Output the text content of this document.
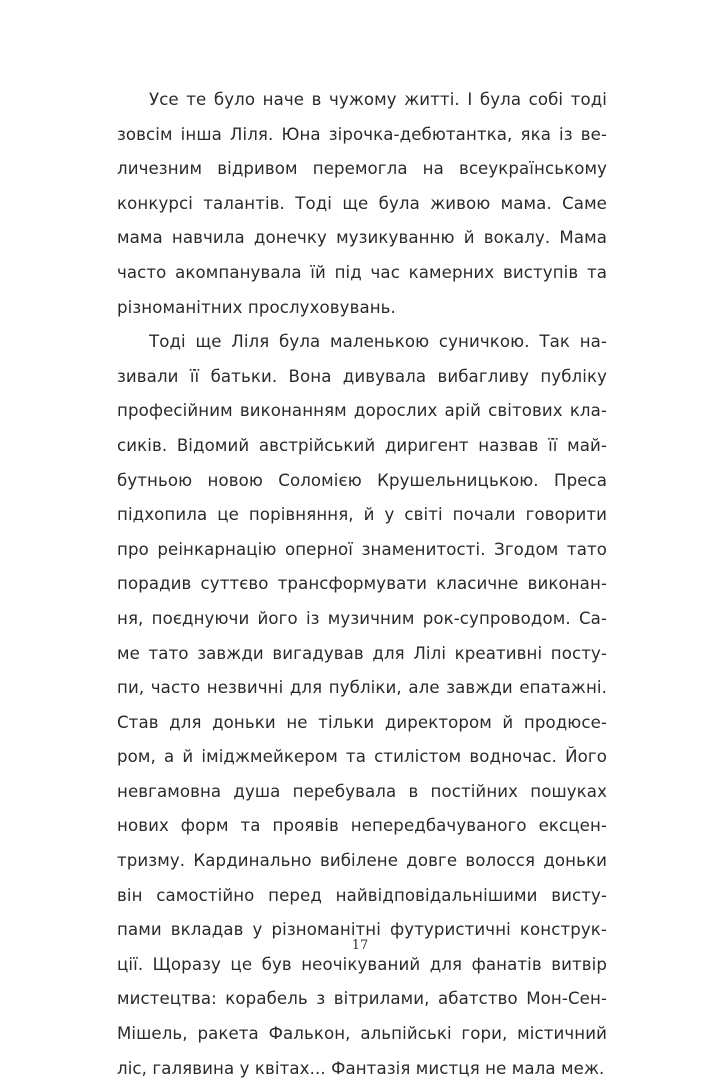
Усе те було наче в чужому житті. І була собі тоді
зовсім інша Ліля. Юна зірочка-дебютантка, яка із ве-
личезним відривом перемогла на всеукраїнському
конкурсі талантів. Тоді ще була живою мама. Саме
мама навчила донечку музикуванню й вокалу. Мама
часто акомпанувала їй під час камерних виступів та
різноманітних прослуховувань.
Тоді ще Ліля була маленькою суничкою. Так на-
зивали її батьки. Вона дивувала вибагливу публіку
професійним виконанням дорослих арій світових кла-
сиків. Відомий австрійський диригент назвав її май-
бутньою новою Соломією Крушельницькою. Преса
підхопила це порівняння, й у світі почали говорити
про реінкарнацію оперної знаменитості. Згодом тато
порадив суттєво трансформувати класичне виконан-
ня, поєднуючи його із музичним рок-супроводом. Са-
ме тато завжди вигадував для Лілі креативні посту-
пи, часто незвичні для публіки, але завжди епатажні.
Став для доньки не тільки директором й продюсе-
ром, а й іміджмейкером та стилістом водночас. Його
невгамовна душа перебувала в постійних пошуках
нових форм та проявів непередбачуваного ексцен-
тризму. Кардинально вибілене довге волосся доньки
він самостійно перед найвідповідальнішими висту-
пами вкладав у різноманітні футуристичні конструк-
ції. Щоразу це був неочікуваний для фанатів витвір
мистецтва: корабель з вітрилами, абатство Мон-Сен-
Мішель, ракета Фалькон, альпійські гори, містичний
ліс, галявина у квітах... Фантазія мистця не мала меж.
17
